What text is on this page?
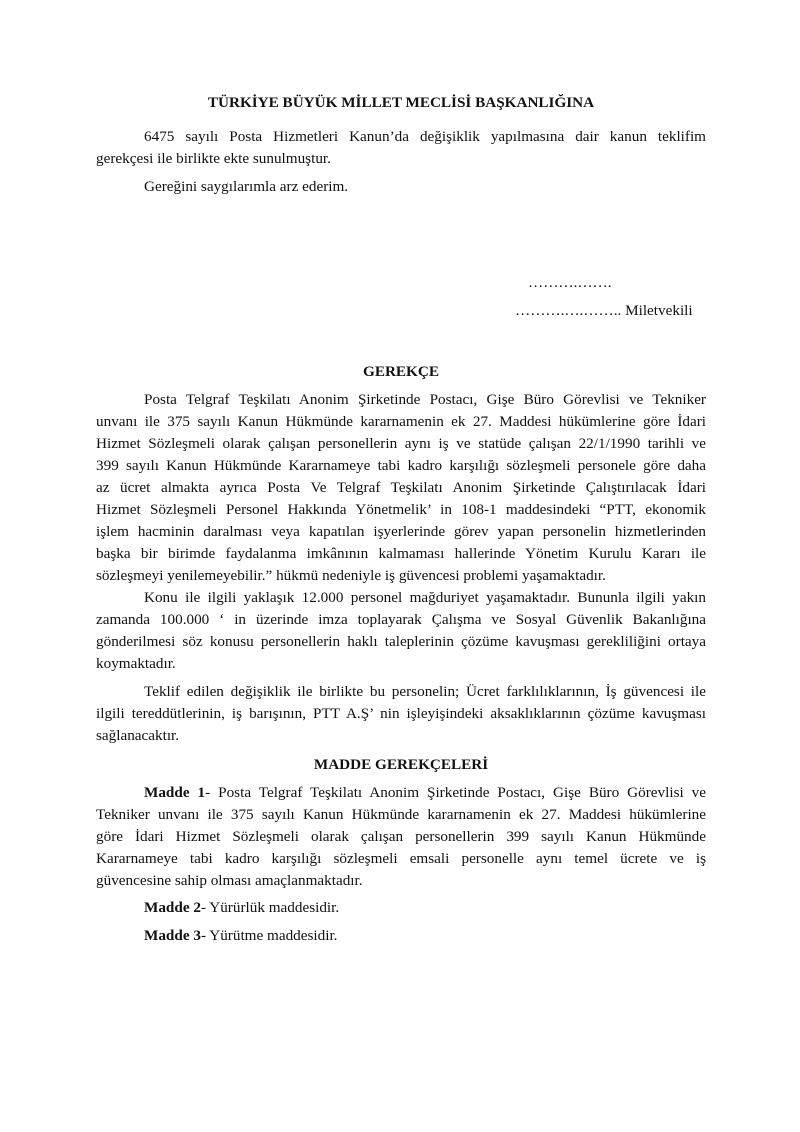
TÜRKİYE BÜYÜK MİLLET MECLİSİ BAŞKANLIĞINA
6475 sayılı Posta Hizmetleri Kanun’da değişiklik yapılmasına dair kanun teklifim
gerekçesi ile birlikte ekte sunulmuştur.
Gereğini saygılarımla arz ederim.
……….…….
……….….…….. Miletvekili
GEREKÇE
Posta Telgraf Teşkilatı Anonim Şirketinde Postacı, Gişe Büro Görevlisi ve Tekniker
unvanı ile 375 sayılı Kanun Hükmünde kararnamenin ek 27. Maddesi hükümlerine göre İdari
Hizmet Sözleşmeli olarak çalışan personellerin aynı iş ve statüde çalışan 22/1/1990 tarihli ve
399 sayılı Kanun Hükmünde Kararnameye tabi kadro karşılığı sözleşmeli personele göre daha
az ücret almakta ayrıca Posta Ve Telgraf Teşkilatı Anonim Şirketinde Çalıştırılacak İdari
Hizmet Sözleşmeli Personel Hakkında Yönetmelik’ in 108-1 maddesindeki “PTT, ekonomik
işlem hacminin daralması veya kapatılan işyerlerinde görev yapan personelin hizmetlerinden
başka bir birimde faydalanma imkânının kalmaması hallerinde Yönetim Kurulu Kararı ile
sözleşmeyi yenilemeyebilir.” hükmü nedeniyle iş güvencesi problemi yaşamaktadır.
Konu ile ilgili yaklaşık 12.000 personel mağduriyet yaşamaktadır. Bununla ilgili yakın
zamanda 100.000 ‘ in üzerinde imza toplayarak Çalışma ve Sosyal Güvenlik Bakanlığına
gönderilmesi söz konusu personellerin haklı taleplerinin çözüme kavuşması gerekliliğini ortaya
koymaktadır.
Teklif edilen değişiklik ile birlikte bu personelin; Ücret farklılıklarının, İş güvencesi ile
ilgili tereddütlerinin, iş barışının, PTT A.Ş’ nin işleyişindeki aksaklıklarının çözüme kavuşması
sağlanacaktır.
MADDE GEREKÇELERİ
Madde 1- Posta Telgraf Teşkilatı Anonim Şirketinde Postacı, Gişe Büro Görevlisi ve
Tekniker unvanı ile 375 sayılı Kanun Hükmünde kararnamenin ek 27. Maddesi hükümlerine
göre İdari Hizmet Sözleşmeli olarak çalışan personellerin 399 sayılı Kanun Hükmünde
Kararnameye tabi kadro karşılığı sözleşmeli emsali personelle aynı temel ücrete ve iş
güvencesine sahip olması amaçlanmaktadır.
Madde 2- Yürürlük maddesidir.
Madde 3- Yürütme maddesidir.
